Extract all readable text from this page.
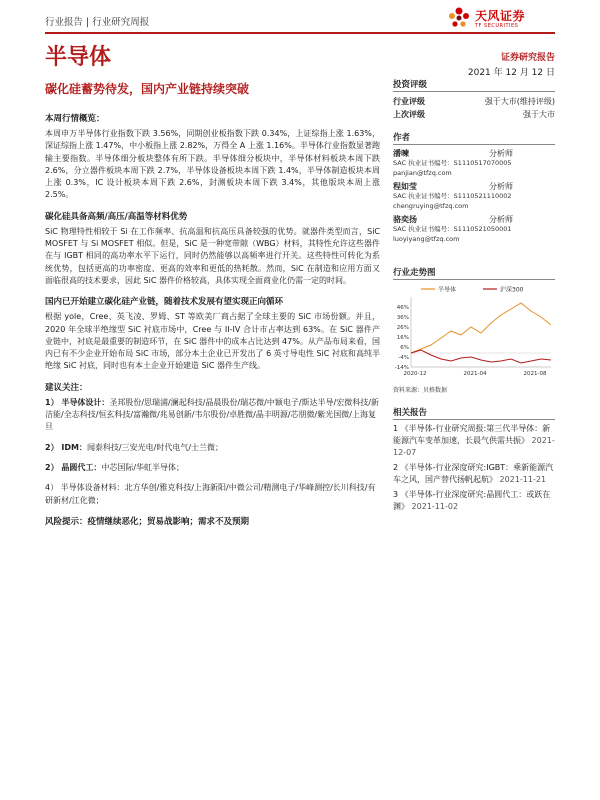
行业报告 | 行业研究周报	天风证券
TF SECURITIES
半导体	证券研究报告
2021 年 12 月 12 日
碳化硅蓄势待发，国内产业链持续突破
本周行情概览：
本周申万半导体行业指数下跌 3.56%，同期创业板指数下跌 0.34%，上证综指上涨 1.63%，深证综指上涨 1.47%，中小板指上涨 2.82%，万得全 A 上涨 1.16%。半导体行业指数显著跑输主要指数。半导体细分板块整体有所下跌。半导体细分板块中，半导体材料板块本周下跌 2.6%，分立器件板块本周下跌 2.7%，半导体设备板块本周下跌 1.4%，半导体制造板块本周上涨 0.3%，IC 设计板块本周下跌 2.6%，封测板块本周下跌 3.4%，其他版块本周上涨 2.5%。
碳化硅具备高频/高压/高温等材料优势
SiC 物理特性相较于 Si 在工作频率、抗高温和抗高压具备较强的优势。就器件类型而言，SiC MOSFET 与 Si MOSFET 相似。但是，SiC 是一种宽带隙（WBG）材料，其特性允许这些器件在与 IGBT 相同的高功率水平下运行，同时仍然能够以高频率进行开关。这些特性可转化为系统优势，包括更高的功率密度、更高的效率和更低的热耗散。然而，SiC 在制造和应用方面又面临很高的技术要求，因此 SiC 器件价格较高，具体实现全面商业化仍需一定的时间。
国内已开始建立碳化硅产业链，随着技术发展有望实现正向循环
根据 yole，Cree、英飞凌、罗姆、ST 等欧美厂商占据了全球主要的 SiC 市场份额。并且，2020 年全球半绝缘型 SiC 衬底市场中，Cree 与 II-IV 合计市占率达到 63%。在 SiC 器件产业链中，衬底是最重要的制造环节，在 SiC 器件中的成本占比达到 47%。从产品布局来看，国内已有不少企业开始布局 SiC 市场，部分本土企业已开发出了 6 英寸导电性 SiC 衬底和高纯半绝缘 SiC 衬底，同时也有本土企业开始建造 SiC 器件生产线。
建议关注：
1） 半导体设计：圣邦股份/思瑞浦/澜起科技/晶晨股份/瑞芯微/中颖电子/斯达半导/宏微科技/新洁能/全志科技/恒玄科技/富瀚微/兆易创新/韦尔股份/卓胜微/晶丰明源/芯朋微/紫光国微/上海复旦
2） IDM：闻泰科技/三安光电/时代电气/士兰微；
2） 晶圆代工：中芯国际/华虹半导体；
4） 半导体设备材料：北方华创/雅克科技/上海新阳/中微公司/精测电子/华峰测控/长川科技/有研新材/江化微；
风险提示：疫情继续恶化；贸易战影响；需求不及预期
投资评级
行业评级	强于大市(维持评级)
上次评级	强于大市
作者
潘暕	分析师
SAC 执业证书编号：S1110517070005
panjian@tfzq.com
程如莹	分析师
SAC 执业证书编号：S1110521110002
chengruying@tfzq.com
骆奕扬	分析师
SAC 执业证书编号：S1110521050001
luoyiyang@tfzq.com
行业走势图
半导体	沪深300
-14%
-4%
6%
16%
26%
36%
46%
2020-12	2021-04	2021-08
资料来源：贝格数据
相关报告
1 《半导体-行业研究周报:第三代半导体：新能源汽车变革加速，长晨气供需共振》 2021-12-07
2 《半导体-行业深度研究:IGBT：乘新能源汽车之风，国产替代扬帆起航》 2021-11-21
3 《半导体-行业深度研究:晶圆代工：或跃在渊》 2021-11-02
